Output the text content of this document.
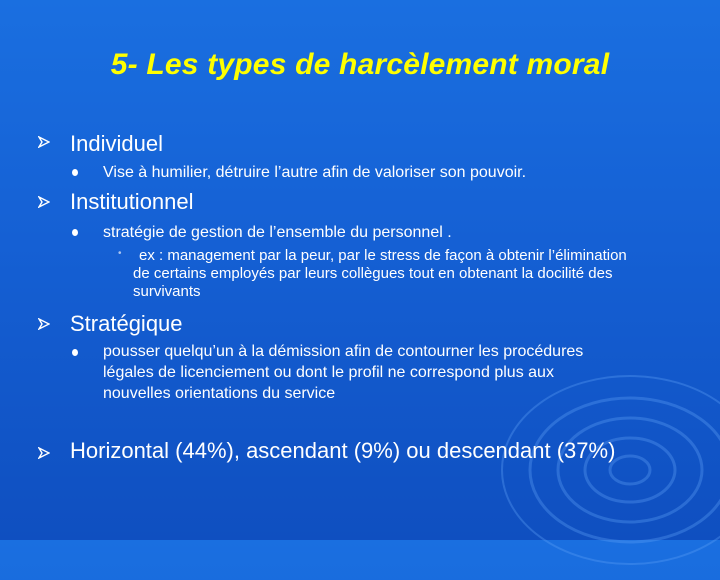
5- Les types de harcèlement moral
Individuel
Vise à humilier, détruire l’autre afin de valoriser son pouvoir.
Institutionnel
stratégie de gestion de l’ensemble du personnel .
•	ex : management par la peur, par le stress de façon à obtenir l’élimination de certains employés par leurs collègues tout en obtenant la docilité des survivants
Stratégique
pousser quelqu’un à la démission afin de contourner les procédures légales de licenciement ou dont le profil ne correspond plus aux nouvelles orientations du service
Horizontal (44%), ascendant (9%) ou descendant (37%)
